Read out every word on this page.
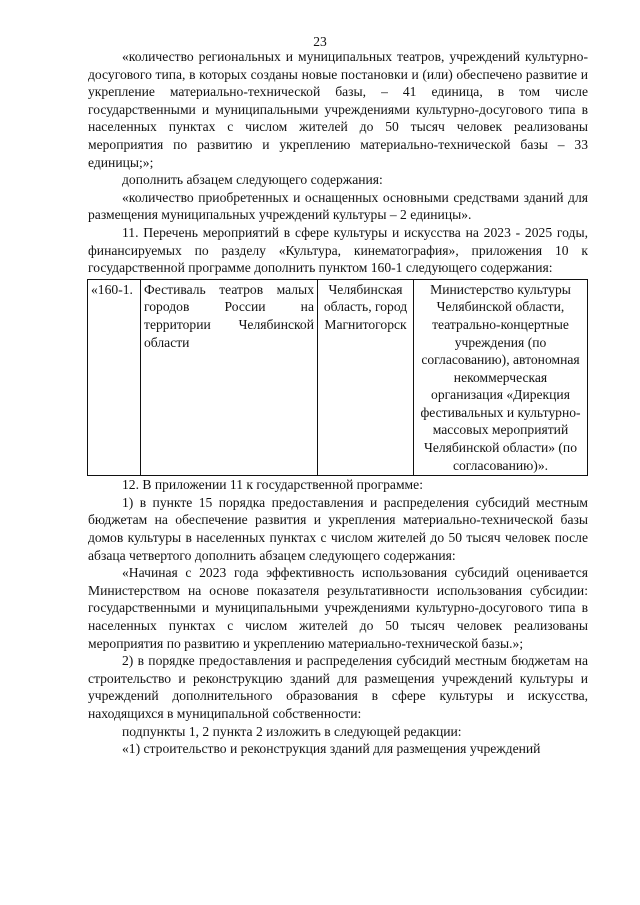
23

«количество региональных и муниципальных театров, учреждений культурно-досугового типа, в которых созданы новые постановки и (или) обеспечено развитие и укрепление материально-технической базы, – 41 единица, в том числе государственными и муниципальными учреждениями культурно-досугового типа в населенных пунктах с числом жителей до 50 тысяч человек реализованы мероприятия по развитию и укреплению материально-технической базы – 33 единицы;»;

дополнить абзацем следующего содержания:

«количество приобретенных и оснащенных основными средствами зданий для размещения муниципальных учреждений культуры – 2 единицы».

11. Перечень мероприятий в сфере культуры и искусства на 2023 - 2025 годы, финансируемых по разделу «Культура, кинематография», приложения 10 к государственной программе дополнить пунктом 160-1 следующего содержания:

«160-1.	Фестиваль театров малых городов России на территории Челябинской области	Челябинская область, город Магнитогорск	Министерство культуры Челябинской области, театрально-концертные учреждения (по согласованию), автономная некоммерческая организация «Дирекция фестивальных и культурно-массовых мероприятий Челябинской области» (по согласованию)».

12. В приложении 11 к государственной программе:

1) в пункте 15 порядка предоставления и распределения субсидий местным бюджетам на обеспечение развития и укрепления материально-технической базы домов культуры в населенных пунктах с числом жителей до 50 тысяч человек после абзаца четвертого дополнить абзацем следующего содержания:

«Начиная с 2023 года эффективность использования субсидий оценивается Министерством на основе показателя результативности использования субсидии: государственными и муниципальными учреждениями культурно-досугового типа в населенных пунктах с числом жителей до 50 тысяч человек реализованы мероприятия по развитию и укреплению материально-технической базы.»;

2) в порядке предоставления и распределения субсидий местным бюджетам на строительство и реконструкцию зданий для размещения учреждений культуры и учреждений дополнительного образования в сфере культуры и искусства, находящихся в муниципальной собственности:

подпункты 1, 2 пункта 2 изложить в следующей редакции:

«1) строительство и реконструкция зданий для размещения учреждений
